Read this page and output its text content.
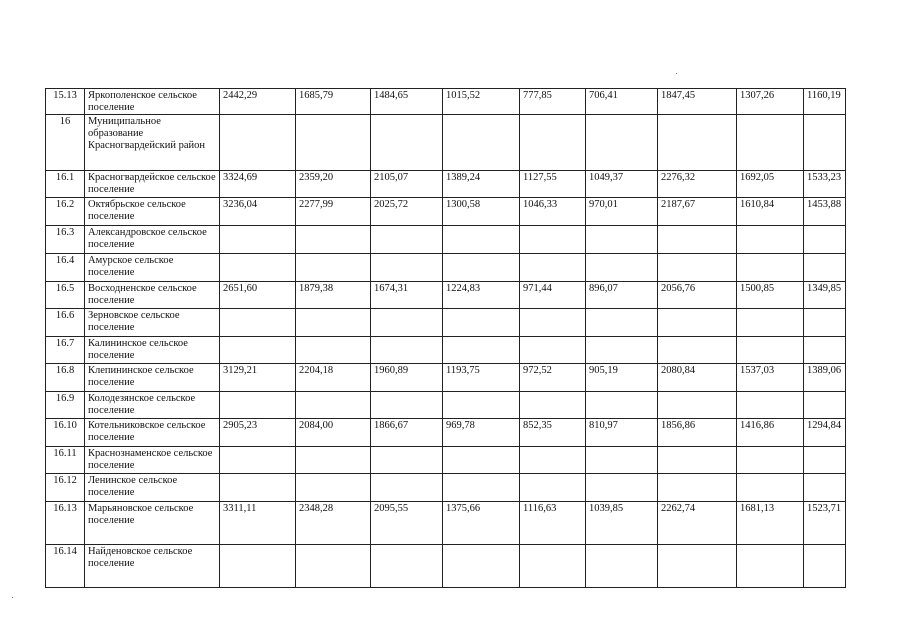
15.13	Яркополенское сельское поселение	2442,29	1685,79	1484,65	1015,52	777,85	706,41	1847,45	1307,26	1160,19
16	Муниципальное образование Красногвардейский район									
16.1	Красногвардейское сельское поселение	3324,69	2359,20	2105,07	1389,24	1127,55	1049,37	2276,32	1692,05	1533,23
16.2	Октябрьское сельское поселение	3236,04	2277,99	2025,72	1300,58	1046,33	970,01	2187,67	1610,84	1453,88
16.3	Александровское сельское поселение									
16.4	Амурское сельское поселение									
16.5	Восходненское сельское поселение	2651,60	1879,38	1674,31	1224,83	971,44	896,07	2056,76	1500,85	1349,85
16.6	Зерновское сельское поселение									
16.7	Калининское сельское поселение									
16.8	Клепининское сельское поселение	3129,21	2204,18	1960,89	1193,75	972,52	905,19	2080,84	1537,03	1389,06
16.9	Колодезянское сельское поселение									
16.10	Котельниковское сельское поселение	2905,23	2084,00	1866,67	969,78	852,35	810,97	1856,86	1416,86	1294,84
16.11	Краснознаменское сельское поселение									
16.12	Ленинское сельское поселение									
16.13	Марьяновское сельское поселение	3311,11	2348,28	2095,55	1375,66	1116,63	1039,85	2262,74	1681,13	1523,71
16.14	Найденовское сельское поселение									
